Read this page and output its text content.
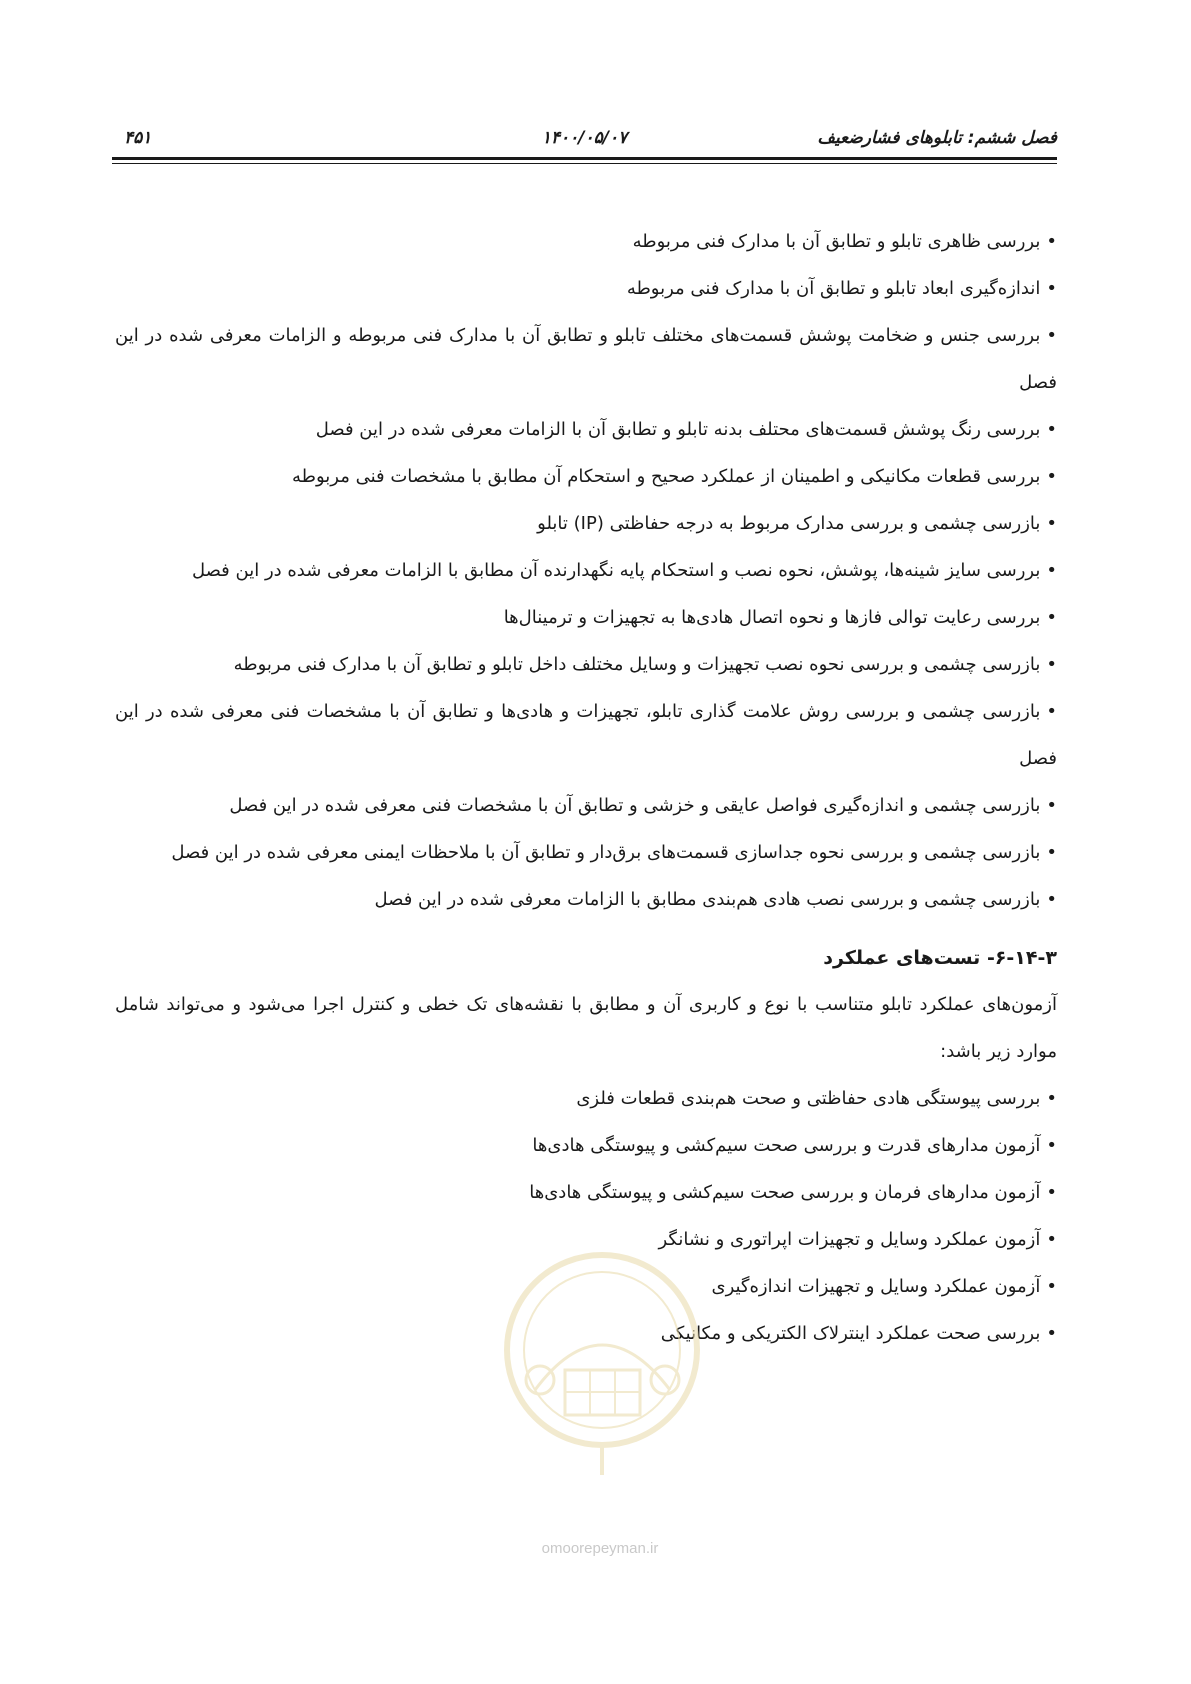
فصل ششم: تابلوهای فشارضعیف
۱۴۰۰/۰۵/۰۷
۴۵۱

• بررسی ظاهری تابلو و تطابق آن با مدارک فنی مربوطه

• اندازه‌گیری ابعاد تابلو و تطابق آن با مدارک فنی مربوطه

• بررسی جنس و ضخامت پوشش قسمت‌های مختلف تابلو و تطابق آن با مدارک فنی مربوطه و الزامات معرفی شده در این فصل

• بررسی رنگ پوشش قسمت‌های محتلف بدنه تابلو و تطابق آن با الزامات معرفی شده در این فصل

• بررسی قطعات مکانیکی و اطمینان از عملکرد صحیح و استحکام آن مطابق با مشخصات فنی مربوطه

• بازرسی چشمی و بررسی مدارک مربوط به درجه حفاظتی (IP) تابلو

• بررسی سایز شینه‌ها، پوشش، نحوه نصب و استحکام پایه نگهدارنده آن مطابق با الزامات معرفی شده در این فصل

• بررسی رعایت توالی فازها و نحوه اتصال هادی‌ها به تجهیزات و ترمینال‌ها

• بازرسی چشمی و بررسی نحوه نصب تجهیزات و وسایل مختلف داخل تابلو و تطابق آن با مدارک فنی مربوطه

• بازرسی چشمی و بررسی روش علامت گذاری تابلو، تجهیزات و هادی‌ها و تطابق آن با مشخصات فنی معرفی شده در این فصل

• بازرسی چشمی و اندازه‌گیری فواصل عایقی و خزشی و تطابق آن با مشخصات فنی معرفی شده در این فصل

• بازرسی چشمی و بررسی نحوه جداسازی قسمت‌های برق‌دار و تطابق آن با ملاحظات ایمنی معرفی شده در این فصل

• بازرسی چشمی و بررسی نصب هادی هم‌بندی مطابق با الزامات معرفی شده در این فصل

۶-۱۴-۳- تست‌های عملکرد

آزمون‌های عملکرد تابلو متناسب با نوع و کاربری آن و مطابق با نقشه‌های تک خطی و کنترل اجرا می‌شود و می‌تواند شامل موارد زیر باشد:

• بررسی پیوستگی هادی حفاظتی و صحت هم‌بندی قطعات فلزی

• آزمون مدارهای قدرت و بررسی صحت سیم‌کشی و پیوستگی هادی‌ها

• آزمون مدارهای فرمان و بررسی صحت سیم‌کشی و پیوستگی هادی‌ها

• آزمون عملکرد وسایل و تجهیزات اپراتوری و نشانگر

• آزمون عملکرد وسایل و تجهیزات اندازه‌گیری

• بررسی صحت عملکرد اینترلاک الکتریکی و مکانیکی

omoorepeyman.ir
